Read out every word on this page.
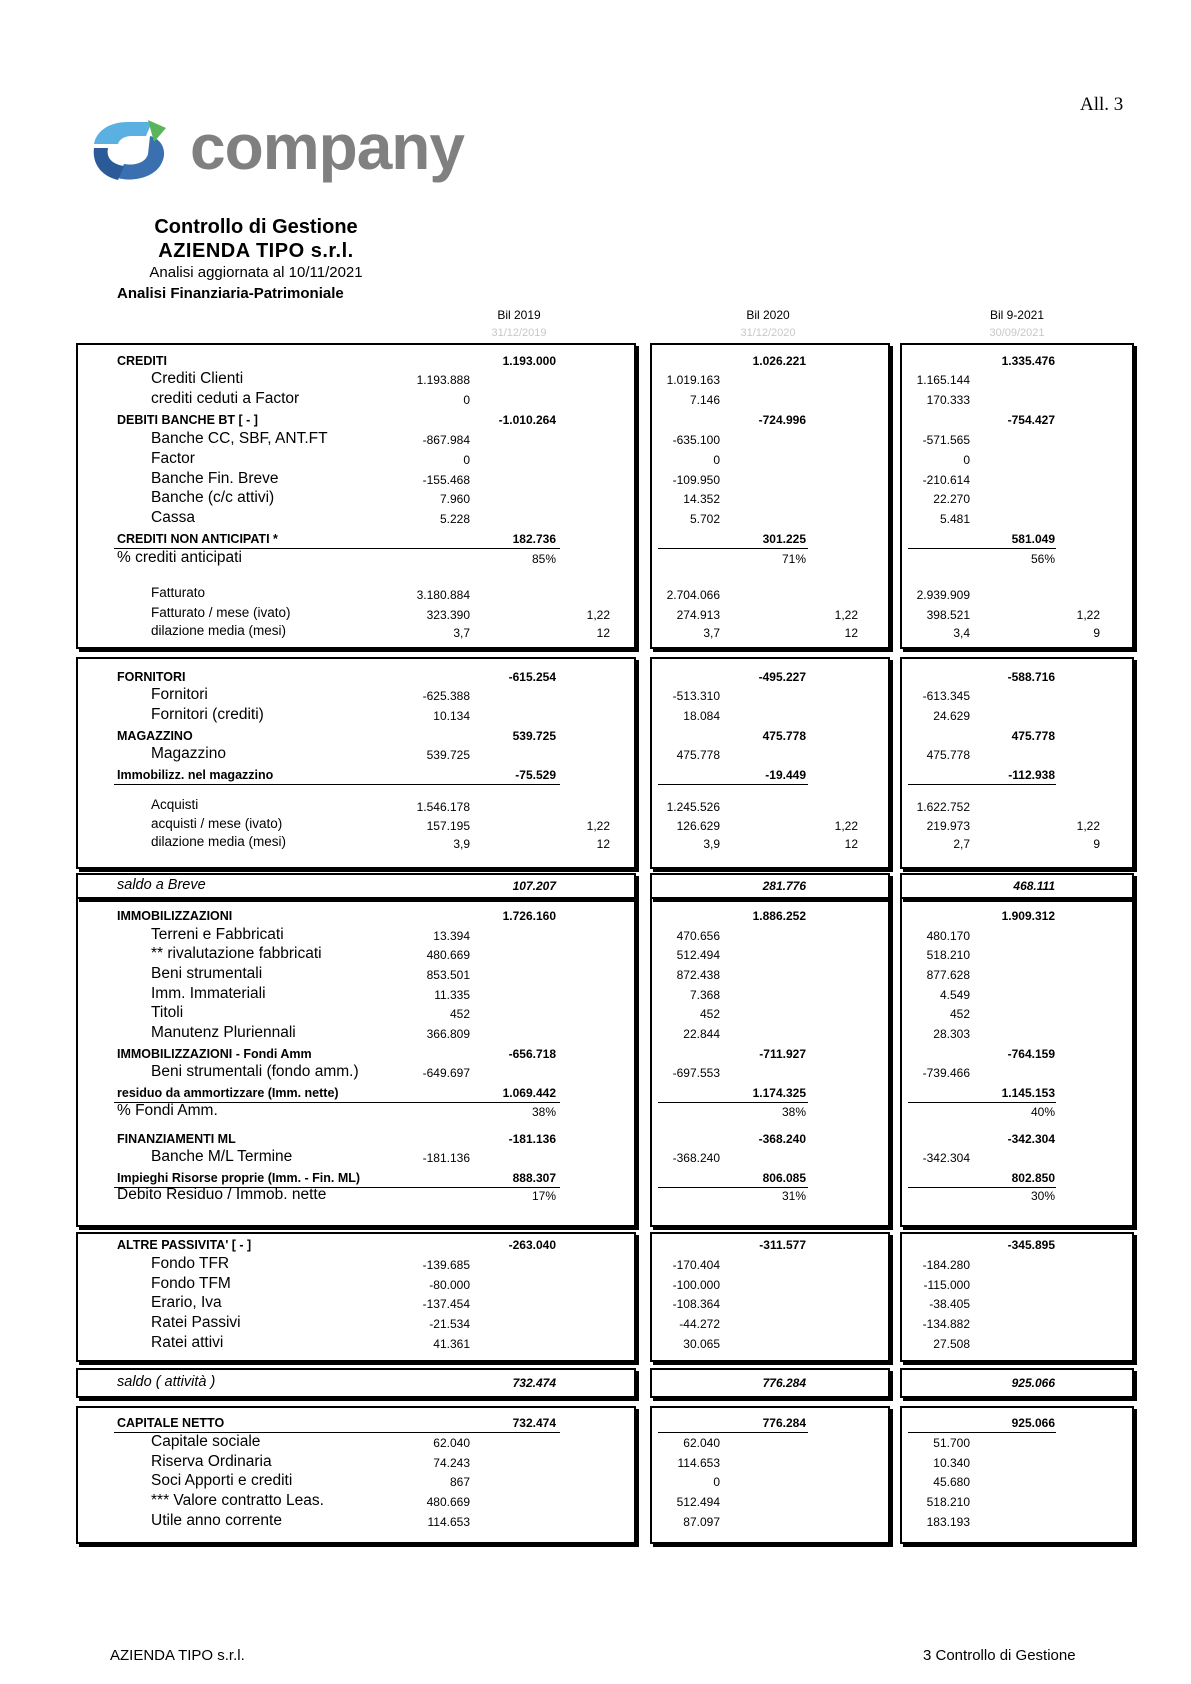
All. 3
company
Controllo di Gestione
AZIENDA TIPO s.r.l.
Analisi aggiornata al 10/11/2021
Analisi Finanziaria-Patrimoniale
Bil 2019
31/12/2019
Bil 2020
31/12/2020
Bil 9-2021
30/09/2021
CREDITI	1.193.000	1.026.221	1.335.476
Crediti Clienti	1.193.888	1.019.163	1.165.144
crediti ceduti a Factor	0	7.146	170.333
DEBITI BANCHE BT [ - ]	-1.010.264	-724.996	-754.427
Banche CC, SBF, ANT.FT	-867.984	-635.100	-571.565
Factor	0	0	0
Banche Fin. Breve	-155.468	-109.950	-210.614
Banche (c/c attivi)	7.960	14.352	22.270
Cassa	5.228	5.702	5.481
CREDITI NON ANTICIPATI *	182.736	301.225	581.049
% crediti anticipati	85%	71%	56%
Fatturato	3.180.884	2.704.066	2.939.909
Fatturato / mese (ivato)	323.390	1,22	274.913	1,22	398.521	1,22
dilazione media (mesi)	3,7	12	3,7	12	3,4	9
FORNITORI	-615.254	-495.227	-588.716
Fornitori	-625.388	-513.310	-613.345
Fornitori (crediti)	10.134	18.084	24.629
MAGAZZINO	539.725	475.778	475.778
Magazzino	539.725	475.778	475.778
Immobilizz. nel magazzino	-75.529	-19.449	-112.938
Acquisti	1.546.178	1.245.526	1.622.752
acquisti / mese (ivato)	157.195	1,22	126.629	1,22	219.973	1,22
dilazione media (mesi)	3,9	12	3,9	12	2,7	9
IMMOBILIZZAZIONI	1.726.160	1.886.252	1.909.312
Terreni e Fabbricati	13.394	470.656	480.170
** rivalutazione fabbricati	480.669	512.494	518.210
Beni strumentali	853.501	872.438	877.628
Imm. Immateriali	11.335	7.368	4.549
Titoli	452	452	452
Manutenz Pluriennali	366.809	22.844	28.303
IMMOBILIZZAZIONI - Fondi Amm	-656.718	-711.927	-764.159
Beni strumentali (fondo amm.)	-649.697	-697.553	-739.466
residuo da ammortizzare (Imm. nette)	1.069.442	1.174.325	1.145.153
% Fondi Amm.	38%	38%	40%
FINANZIAMENTI ML	-181.136	-368.240	-342.304
Banche M/L Termine	-181.136	-368.240	-342.304
Impieghi Risorse proprie (Imm. - Fin. ML)	888.307	806.085	802.850
Debito Residuo / Immob. nette	17%	31%	30%
ALTRE PASSIVITA' [ - ]	-263.040	-311.577	-345.895
Fondo TFR	-139.685	-170.404	-184.280
Fondo TFM	-80.000	-100.000	-115.000
Erario, Iva	-137.454	-108.364	-38.405
Ratei Passivi	-21.534	-44.272	-134.882
Ratei attivi	41.361	30.065	27.508
CAPITALE NETTO	732.474	776.284	925.066
Capitale sociale	62.040	62.040	51.700
Riserva Ordinaria	74.243	114.653	10.340
Soci Apporti e crediti	867	0	45.680
*** Valore contratto Leas.	480.669	512.494	518.210
Utile anno corrente	114.653	87.097	183.193
saldo a Breve	107.207	281.776	468.111
saldo ( attività )	732.474	776.284	925.066
AZIENDA TIPO s.r.l.	3 Controllo di Gestione
